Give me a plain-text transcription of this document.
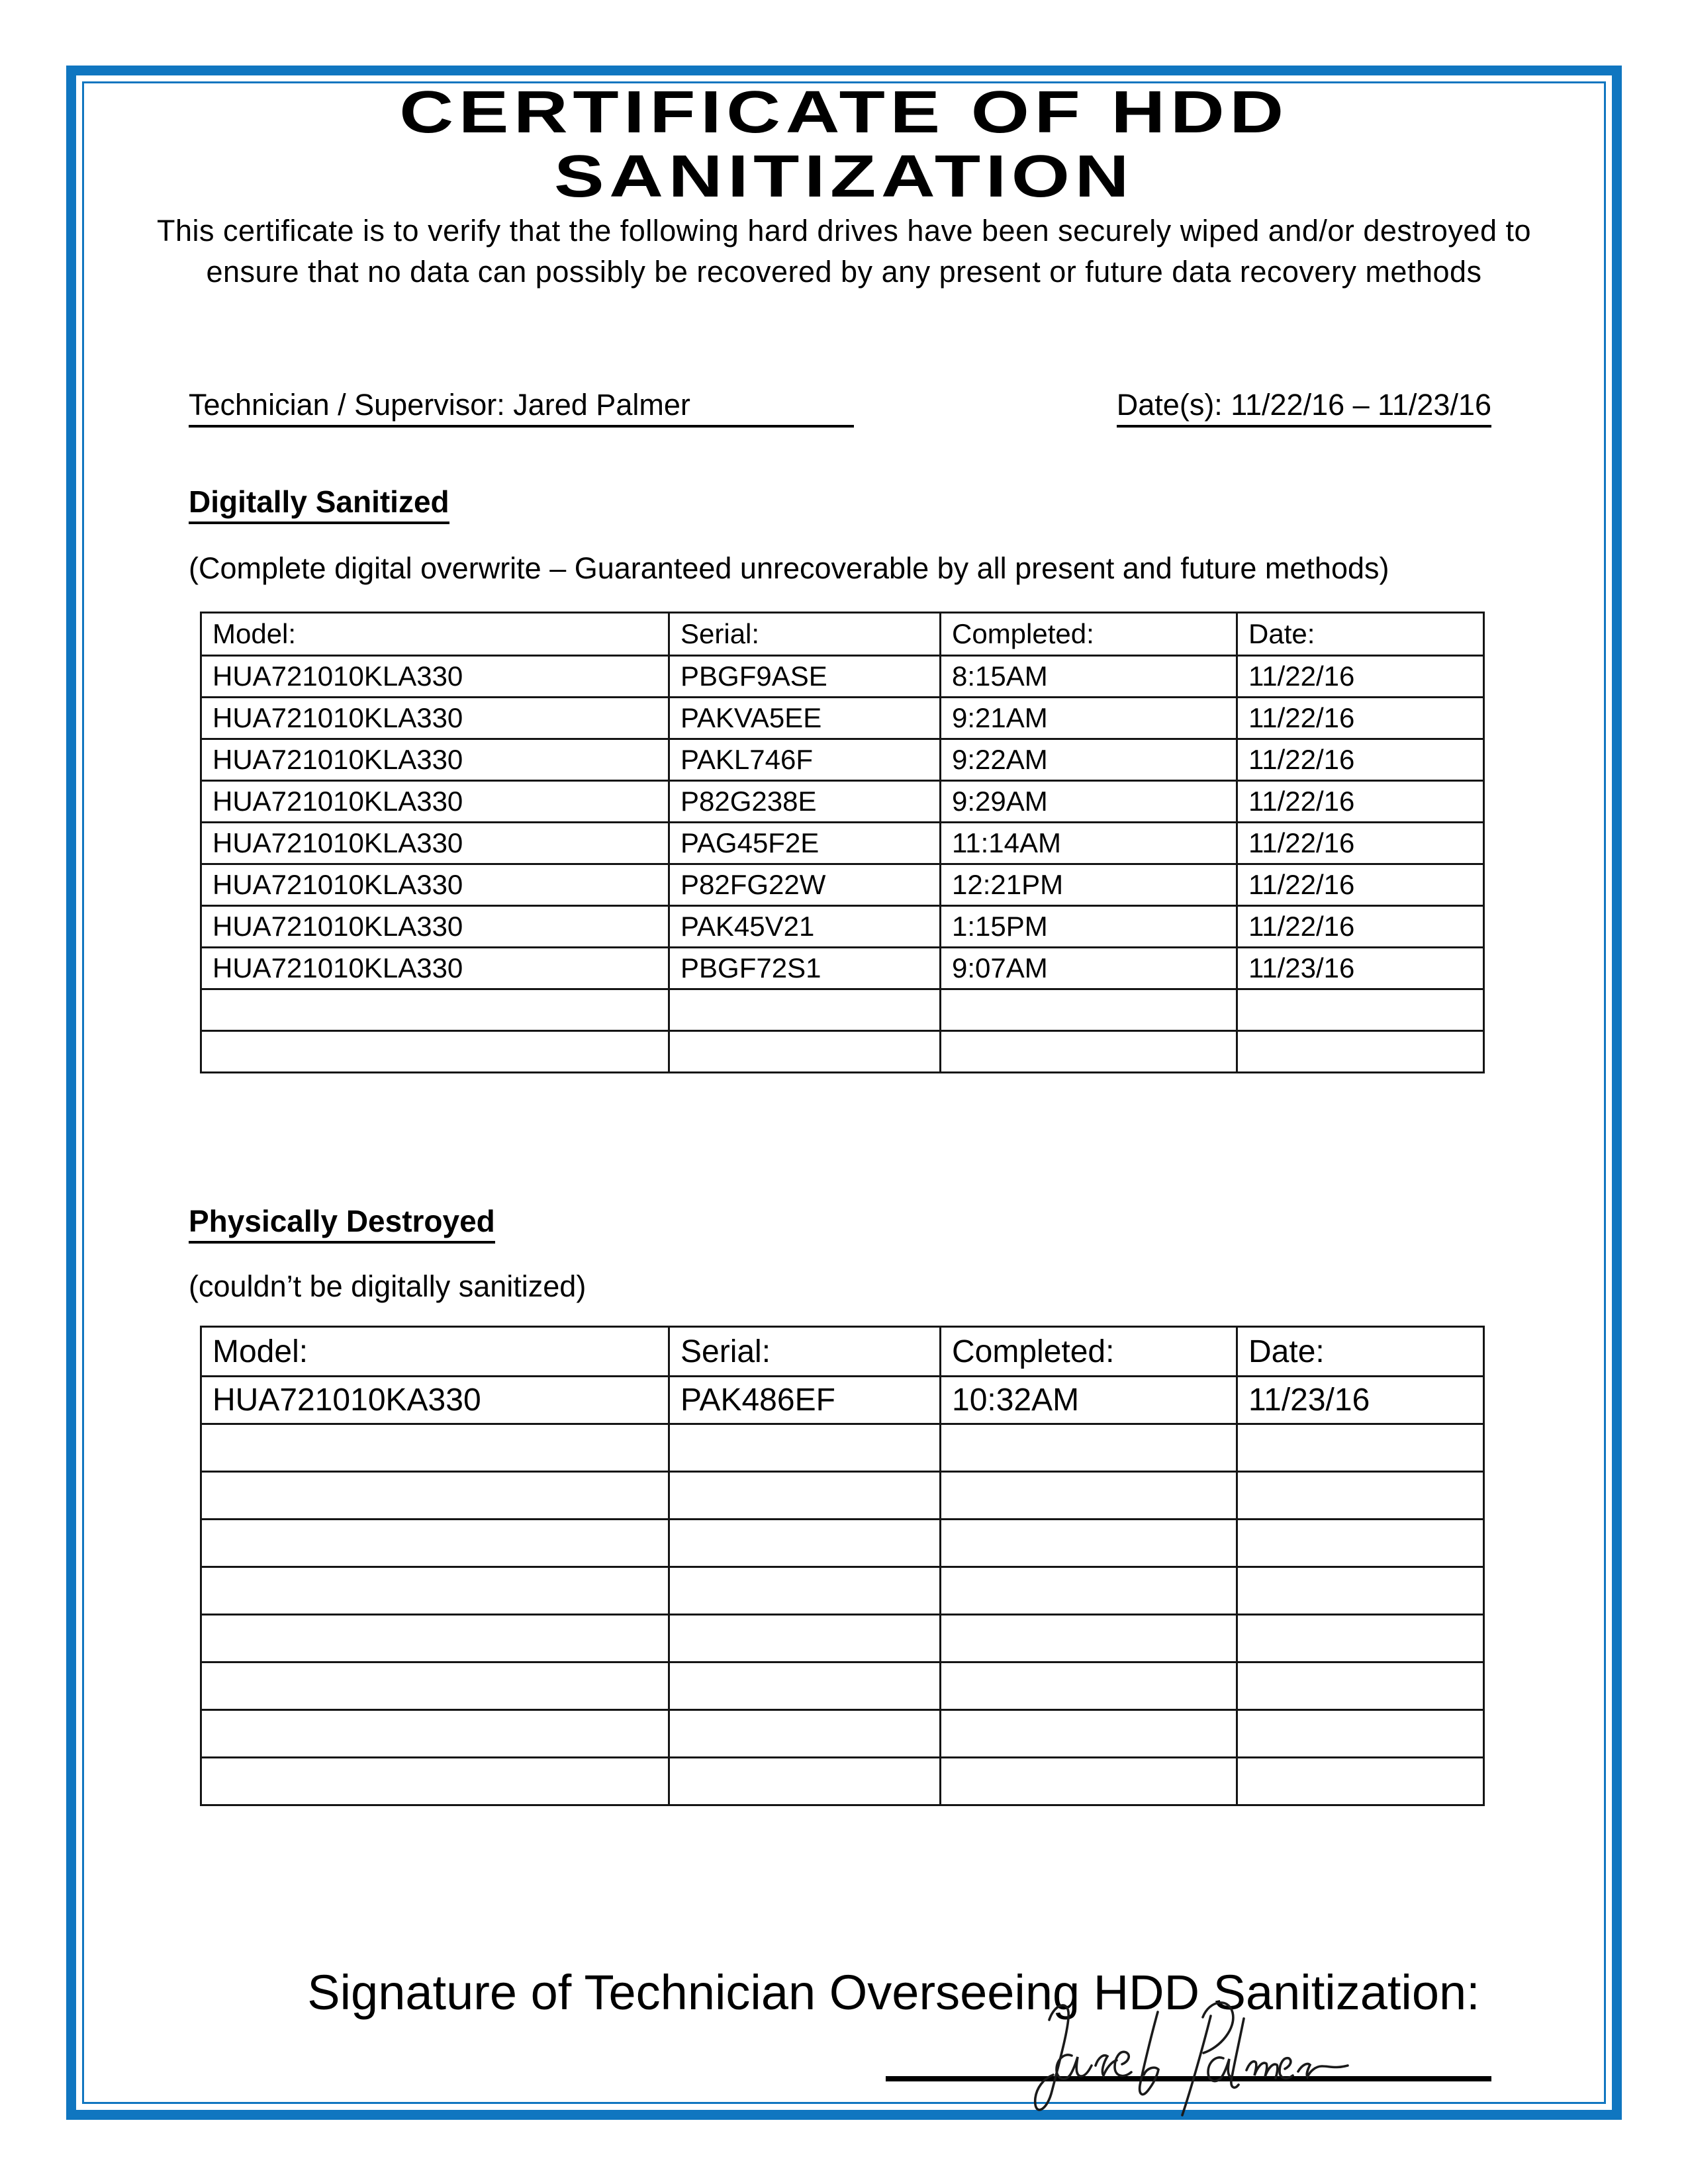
CERTIFICATE OF HDD
SANITIZATION
This certificate is to verify that the following hard drives have been securely wiped and/or destroyed to
ensure that no data can possibly be recovered by any present or future data recovery methods
Technician / Supervisor: Jared Palmer	Date(s): 11/22/16 – 11/23/16
Digitally Sanitized
(Complete digital overwrite – Guaranteed unrecoverable by all present and future methods)
Model:	Serial:	Completed:	Date:
HUA721010KLA330	PBGF9ASE	8:15AM	11/22/16
HUA721010KLA330	PAKVA5EE	9:21AM	11/22/16
HUA721010KLA330	PAKL746F	9:22AM	11/22/16
HUA721010KLA330	P82G238E	9:29AM	11/22/16
HUA721010KLA330	PAG45F2E	11:14AM	11/22/16
HUA721010KLA330	P82FG22W	12:21PM	11/22/16
HUA721010KLA330	PAK45V21	1:15PM	11/22/16
HUA721010KLA330	PBGF72S1	9:07AM	11/23/16

Physically Destroyed
(couldn’t be digitally sanitized)
Model:	Serial:	Completed:	Date:
HUA721010KA330	PAK486EF	10:32AM	11/23/16

Signature of Technician Overseeing HDD Sanitization:
